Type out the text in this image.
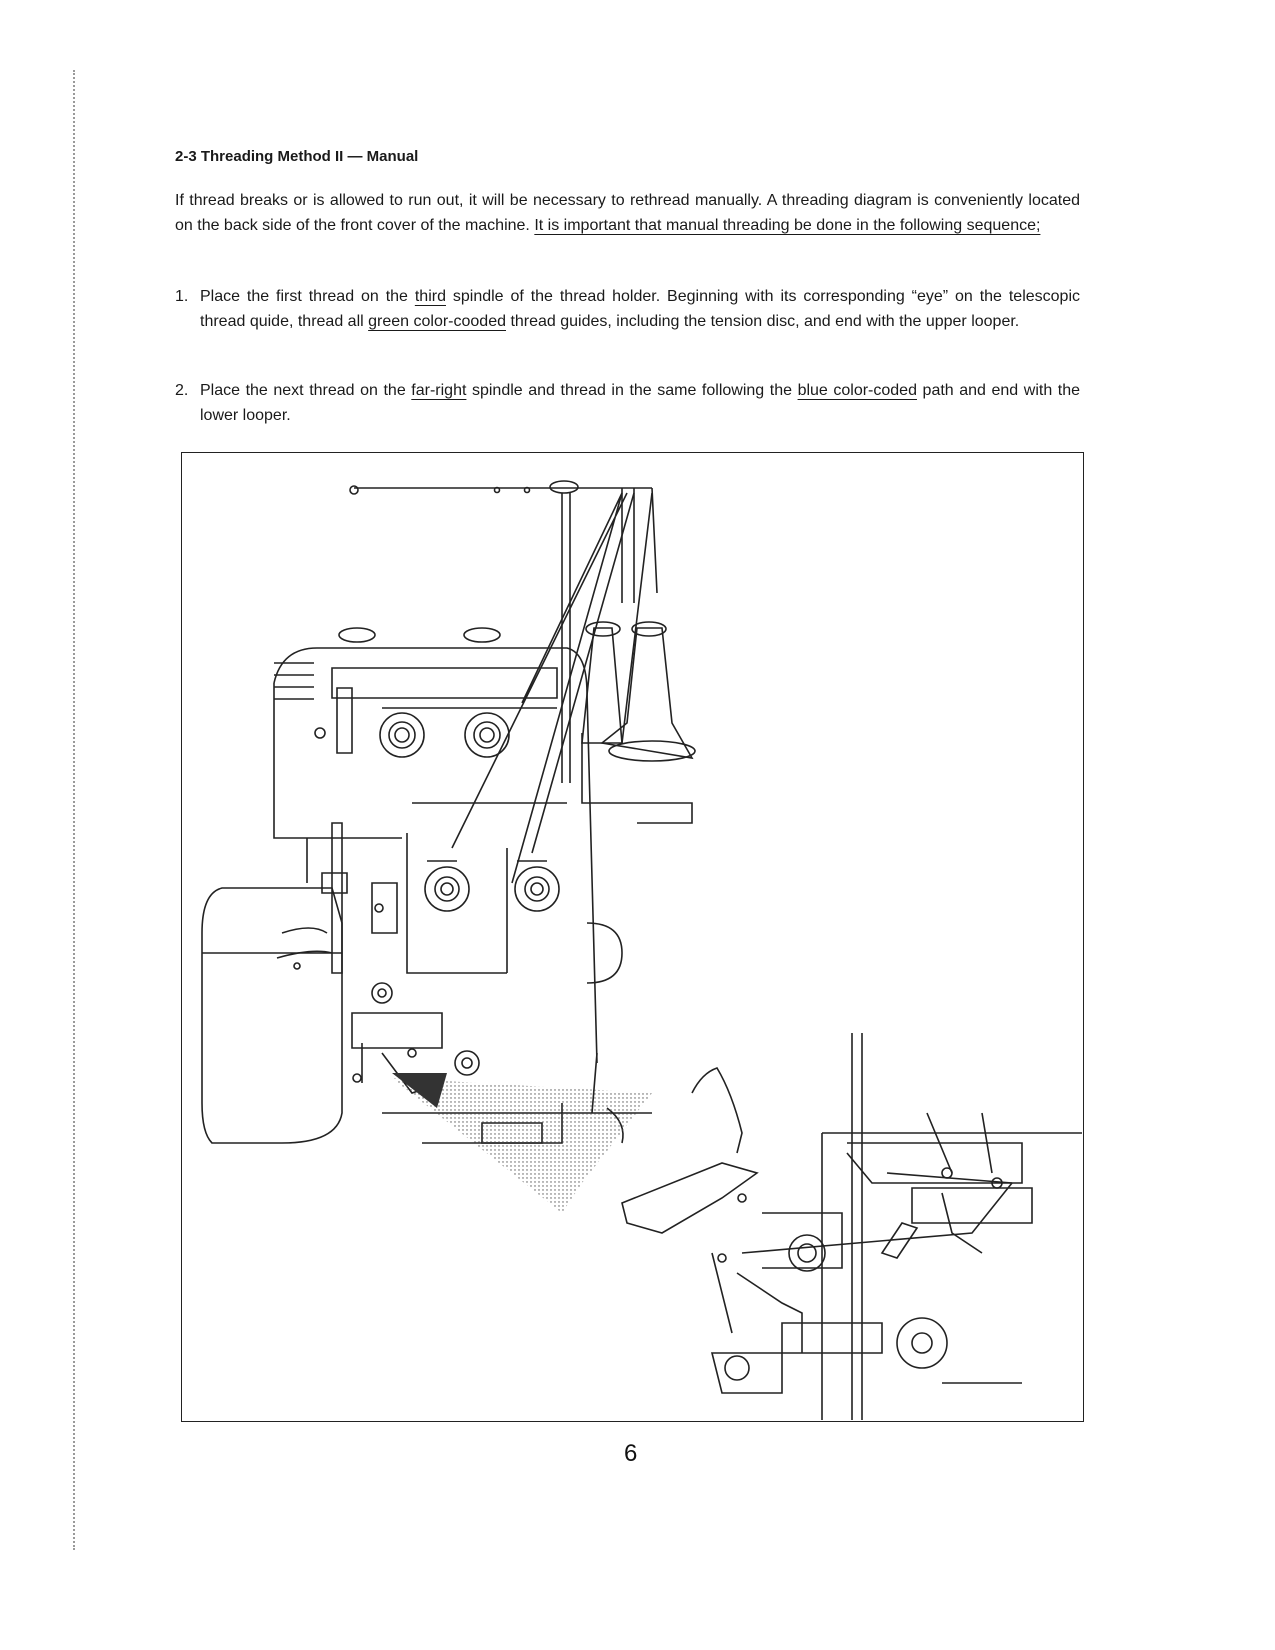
2-3 Threading Method II — Manual
If thread breaks or is allowed to run out, it will be necessary to rethread manually. A threading diagram is conveniently located on the back side of the front cover of the machine. It is important that manual threading be done in the following sequence;
1. Place the first thread on the third spindle of the thread holder. Beginning with its corresponding “eye” on the telescopic thread quide, thread all green color-cooded thread guides, including the tension disc, and end with the upper looper.
2. Place the next thread on the far-right spindle and thread in the same following the blue color-coded path and end with the lower looper.
6
